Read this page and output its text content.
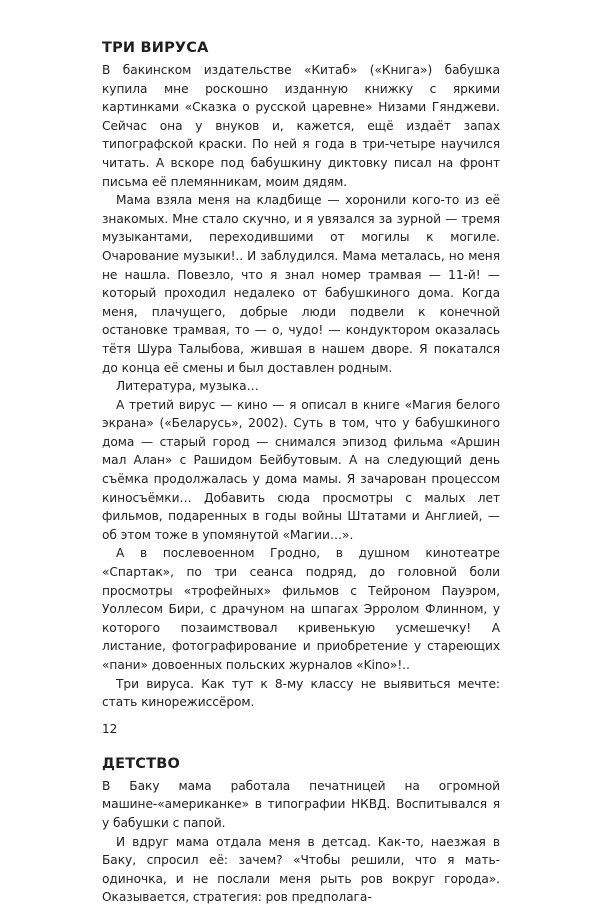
ТРИ ВИРУСА

В бакинском издательстве «Китаб» («Книга») бабушка купила мне роскошно изданную книжку с яркими картинками «Сказка о русской царевне» Низами Гянджеви. Сейчас она у внуков и, кажется, ещё издаёт запах типографской краски. По ней я года в три-четыре научился читать. А вскоре под бабушкину диктовку писал на фронт письма её племянникам, моим дядям.

Мама взяла меня на кладбище — хоронили кого-то из её знакомых. Мне стало скучно, и я увязался за зурной — тремя музыкантами, переходившими от могилы к могиле. Очарование музыки!.. И заблудился. Мама металась, но меня не нашла. Повезло, что я знал номер трамвая — 11-й! — который проходил недалеко от бабушкиного дома. Когда меня, плачущего, добрые люди подвели к конечной остановке трамвая, то — о, чудо! — кондуктором оказалась тётя Шура Талыбова, жившая в нашем дворе. Я покатался до конца её смены и был доставлен родным.

Литература, музыка…

А третий вирус — кино — я описал в книге «Магия белого экрана» («Беларусь», 2002). Суть в том, что у бабушкиного дома — старый город — снимался эпизод фильма «Аршин мал Алан» с Рашидом Бейбутовым. А на следующий день съёмка продолжалась у дома мамы. Я зачарован процессом киносъёмки… Добавить сюда просмотры с малых лет фильмов, подаренных в годы войны Штатами и Англией, — об этом тоже в упомянутой «Магии…».

А в послевоенном Гродно, в душном кинотеатре «Спартак», по три сеанса подряд, до головной боли просмотры «трофейных» фильмов с Тейроном Пауэром, Уоллесом Бири, с драчуном на шпагах Эрролом Флинном, у которого позаимствовал кривенькую усмешечку! А листание, фотографирование и приобретение у стареющих «пани» довоенных польских журналов «Kino»!..

Три вируса. Как тут к 8-му классу не выявиться мечте: стать кинорежиссёром.

ДЕТСТВО

В Баку мама работала печатницей на огромной машине-«американке» в типографии НКВД. Воспитывался я у бабушки с папой.

И вдруг мама отдала меня в детсад. Как-то, наезжая в Баку, спросил её: зачем? «Чтобы решили, что я мать-одиночка, и не послали меня рыть ров вокруг города». Оказывается, стратегия: ров предполага-

12
